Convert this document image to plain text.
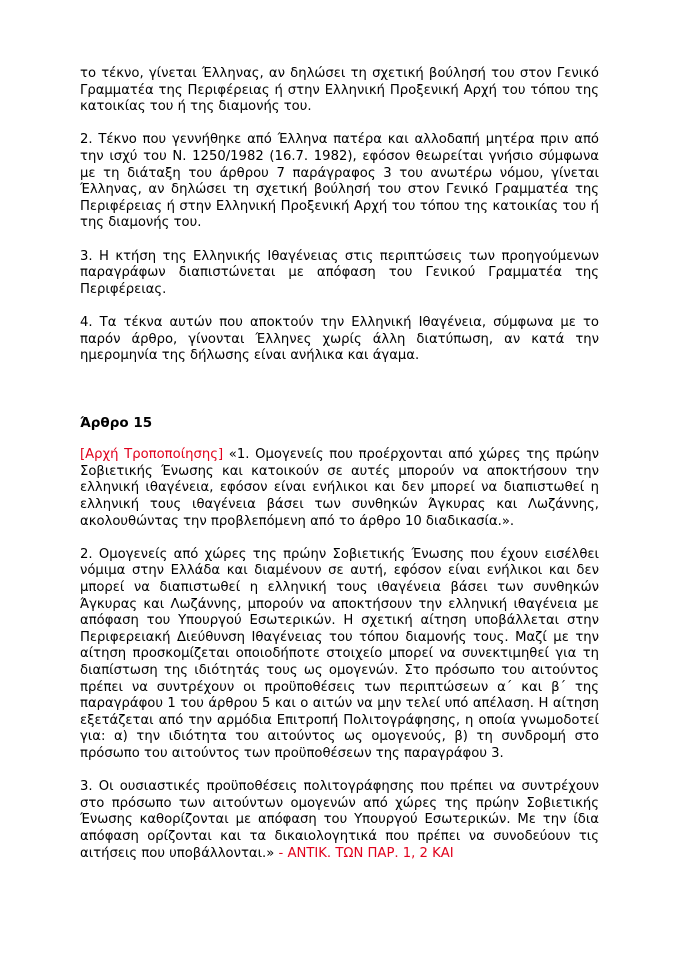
το τέκνο, γίνεται Έλληνας, αν δηλώσει τη σχετική βούλησή του στον Γενικό Γραμματέα της Περιφέρειας ή στην Ελληνική Προξενική Αρχή του τόπου της κατοικίας του ή της διαμονής του.

2. Τέκνο που γεννήθηκε από Έλληνα πατέρα και αλλοδαπή μητέρα πριν από την ισχύ του Ν. 1250/1982 (16.7. 1982), εφόσον θεωρείται γνήσιο σύμφωνα με τη διάταξη του άρθρου 7 παράγραφος 3 του ανωτέρω νόμου, γίνεται Έλληνας, αν δηλώσει τη σχετική βούλησή του στον Γενικό Γραμματέα της Περιφέρειας ή στην Ελληνική Προξενική Αρχή του τόπου της κατοικίας του ή της διαμονής του.

3. Η κτήση της Ελληνικής Ιθαγένειας στις περιπτώσεις των προηγούμενων παραγράφων διαπιστώνεται με απόφαση του Γενικού Γραμματέα της Περιφέρειας.

4. Τα τέκνα αυτών που αποκτούν την Ελληνική Ιθαγένεια, σύμφωνα με το παρόν άρθρο, γίνονται Έλληνες χωρίς άλλη διατύπωση, αν κατά την ημερομηνία της δήλωσης είναι ανήλικα και άγαμα.

Άρθρο 15

[Αρχή Τροποποίησης] «1. Ομογενείς που προέρχονται από χώρες της πρώην Σοβιετικής Ένωσης και κατοικούν σε αυτές μπορούν να αποκτήσουν την ελληνική ιθαγένεια, εφόσον είναι ενήλικοι και δεν μπορεί να διαπιστωθεί η ελληνική τους ιθαγένεια βάσει των συνθηκών Άγκυρας και Λωζάννης, ακολουθώντας την προβλεπόμενη από το άρθρο 10 διαδικασία.».

2. Ομογενείς από χώρες της πρώην Σοβιετικής Ένωσης που έχουν εισέλθει νόμιμα στην Ελλάδα και διαμένουν σε αυτή, εφόσον είναι ενήλικοι και δεν μπορεί να διαπιστωθεί η ελληνική τους ιθαγένεια βάσει των συνθηκών Άγκυρας και Λωζάννης, μπορούν να αποκτήσουν την ελληνική ιθαγένεια με απόφαση του Υπουργού Εσωτερικών. Η σχετική αίτηση υποβάλλεται στην Περιφερειακή Διεύθυνση Ιθαγένειας του τόπου διαμονής τους. Μαζί με την αίτηση προσκομίζεται οποιοδήποτε στοιχείο μπορεί να συνεκτιμηθεί για τη διαπίστωση της ιδιότητάς τους ως ομογενών. Στο πρόσωπο του αιτούντος πρέπει να συντρέχουν οι προϋποθέσεις των περιπτώσεων α΄ και β΄ της παραγράφου 1 του άρθρου 5 και ο αιτών να μην τελεί υπό απέλαση. Η αίτηση εξετάζεται από την αρμόδια Επιτροπή Πολιτογράφησης, η οποία γνωμοδοτεί για: α) την ιδιότητα του αιτούντος ως ομογενούς, β) τη συνδρομή στο πρόσωπο του αιτούντος των προϋποθέσεων της παραγράφου 3.

3. Οι ουσιαστικές προϋποθέσεις πολιτογράφησης που πρέπει να συντρέχουν στο πρόσωπο των αιτούντων ομογενών από χώρες της πρώην Σοβιετικής Ένωσης καθορίζονται με απόφαση του Υπουργού Εσωτερικών. Με την ίδια απόφαση ορίζονται και τα δικαιολογητικά που πρέπει να συνοδεύουν τις αιτήσεις που υποβάλλονται.» - ΑΝΤΙΚ. ΤΩΝ ΠΑΡ. 1, 2 ΚΑΙ
